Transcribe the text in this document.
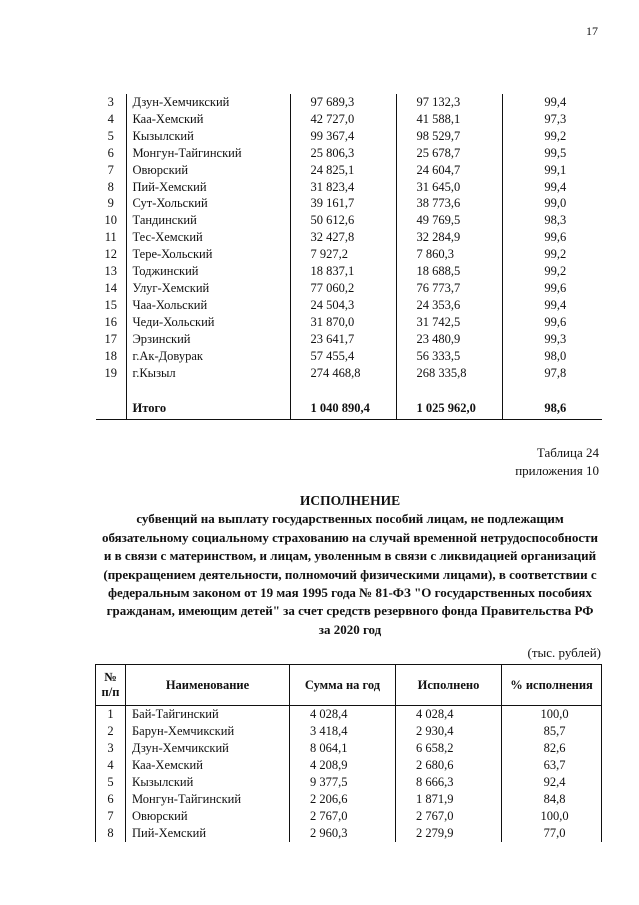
17
3	Дзун-Хемчикский	97 689,3	97 132,3	99,4
4	Каа-Хемский	42 727,0	41 588,1	97,3
5	Кызылский	99 367,4	98 529,7	99,2
6	Монгун-Тайгинский	25 806,3	25 678,7	99,5
7	Овюрский	24 825,1	24 604,7	99,1
8	Пий-Хемский	31 823,4	31 645,0	99,4
9	Сут-Хольский	39 161,7	38 773,6	99,0
10	Тандинский	50 612,6	49 769,5	98,3
11	Тес-Хемский	32 427,8	32 284,9	99,6
12	Тере-Хольский	7 927,2	7 860,3	99,2
13	Тоджинский	18 837,1	18 688,5	99,2
14	Улуг-Хемский	77 060,2	76 773,7	99,6
15	Чаа-Хольский	24 504,3	24 353,6	99,4
16	Чеди-Хольский	31 870,0	31 742,5	99,6
17	Эрзинский	23 641,7	23 480,9	99,3
18	г.Ак-Довурак	57 455,4	56 333,5	98,0
19	г.Кызыл	274 468,8	268 335,8	97,8

	Итого	1 040 890,4	1 025 962,0	98,6
Таблица 24
приложения 10
ИСПОЛНЕНИЕ
субвенций на выплату государственных пособий лицам, не подлежащим
обязательному социальному страхованию на случай временной нетрудоспособности
и в связи с материнством, и лицам, уволенным в связи с ликвидацией организаций
(прекращением деятельности, полномочий физическими лицами), в соответствии с
федеральным законом от 19 мая 1995 года № 81-ФЗ "О государственных пособиях
гражданам, имеющим детей" за счет средств резервного фонда Правительства РФ
за 2020 год
(тыс. рублей)
№
п/п	Наименование	Сумма на год	Исполнено	% исполнения
1	Бай-Тайгинский	4 028,4	4 028,4	100,0
2	Барун-Хемчикский	3 418,4	2 930,4	85,7
3	Дзун-Хемчикский	8 064,1	6 658,2	82,6
4	Каа-Хемский	4 208,9	2 680,6	63,7
5	Кызылский	9 377,5	8 666,3	92,4
6	Монгун-Тайгинский	2 206,6	1 871,9	84,8
7	Овюрский	2 767,0	2 767,0	100,0
8	Пий-Хемский	2 960,3	2 279,9	77,0
